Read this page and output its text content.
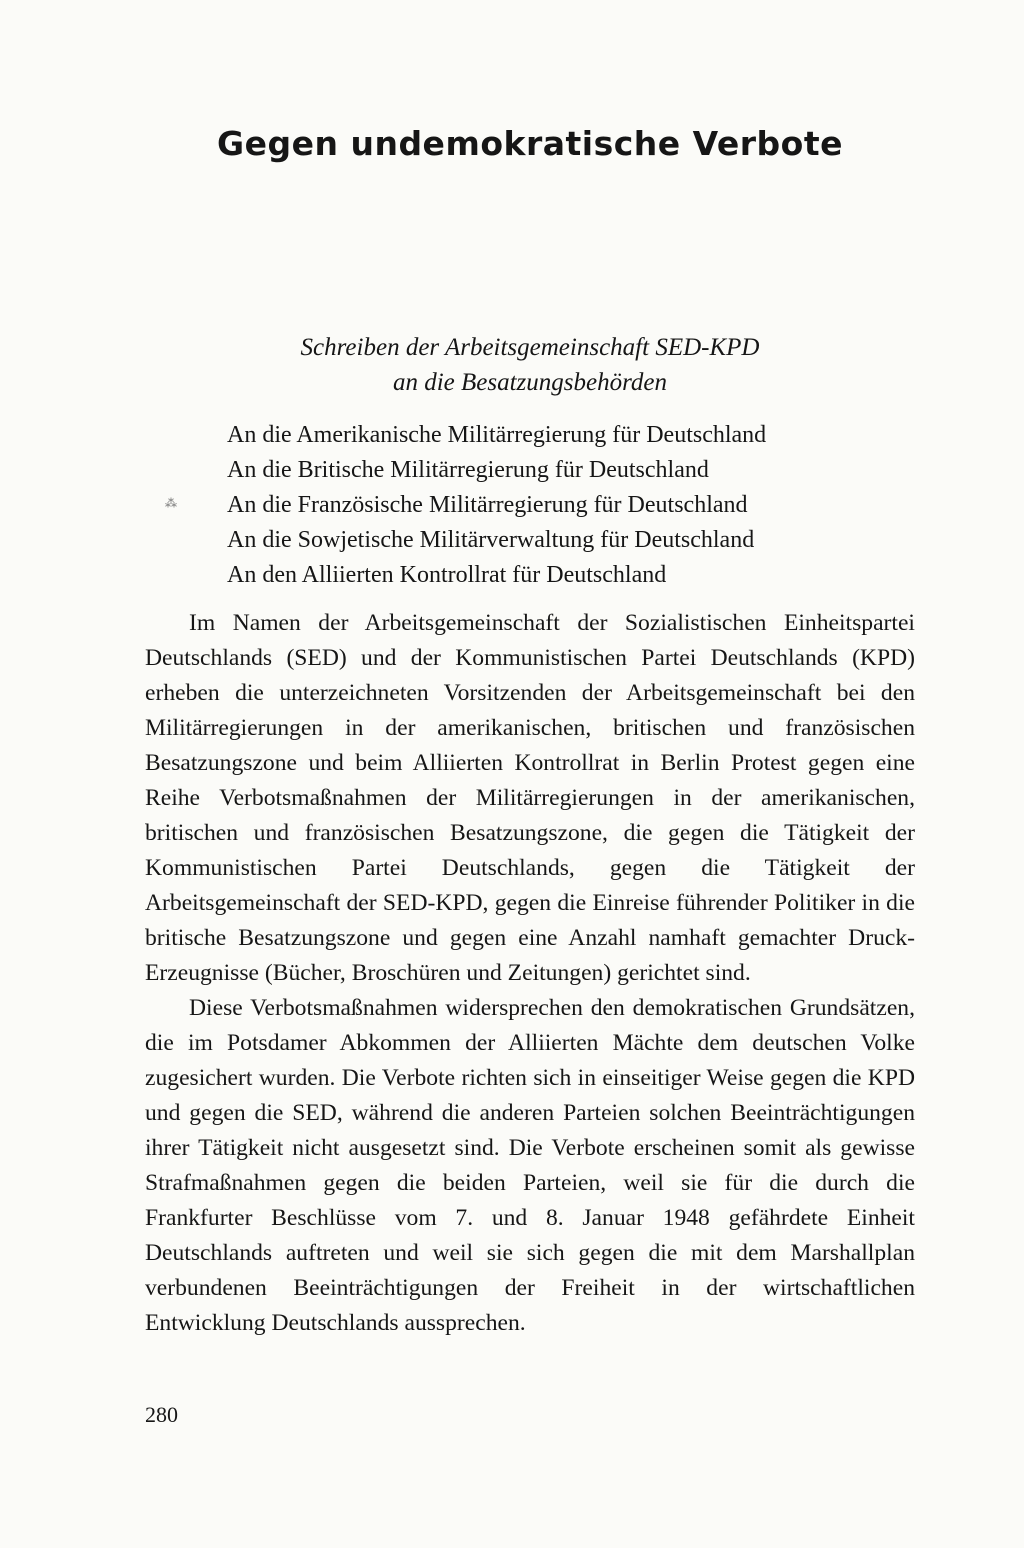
Gegen undemokratische Verbote
Schreiben der Arbeitsgemeinschaft SED-KPD
an die Besatzungsbehörden
⁂
An die Amerikanische Militärregierung für Deutschland
An die Britische Militärregierung für Deutschland
An die Französische Militärregierung für Deutschland
An die Sowjetische Militärverwaltung für Deutschland
An den Alliierten Kontrollrat für Deutschland

Im Namen der Arbeitsgemeinschaft der Sozialistischen Einheitspartei Deutschlands (SED) und der Kommunistischen Partei Deutschlands (KPD) erheben die unterzeichneten Vorsitzenden der Arbeitsgemeinschaft bei den Militärregierungen in der amerikanischen, britischen und französischen Besatzungszone und beim Alliierten Kontrollrat in Berlin Protest gegen eine Reihe Verbotsmaßnahmen der Militärregierungen in der amerikanischen, britischen und französischen Besatzungszone, die gegen die Tätigkeit der Kommunistischen Partei Deutschlands, gegen die Tätigkeit der Arbeitsgemeinschaft der SED-KPD, gegen die Einreise führender Politiker in die britische Besatzungszone und gegen eine Anzahl namhaft gemachter Druck-Erzeugnisse (Bücher, Broschüren und Zeitungen) gerichtet sind.

Diese Verbotsmaßnahmen widersprechen den demokratischen Grundsätzen, die im Potsdamer Abkommen der Alliierten Mächte dem deutschen Volke zugesichert wurden. Die Verbote richten sich in einseitiger Weise gegen die KPD und gegen die SED, während die anderen Parteien solchen Beeinträchtigungen ihrer Tätigkeit nicht ausgesetzt sind. Die Verbote erscheinen somit als gewisse Strafmaßnahmen gegen die beiden Parteien, weil sie für die durch die Frankfurter Beschlüsse vom 7. und 8. Januar 1948 gefährdete Einheit Deutschlands auftreten und weil sie sich gegen die mit dem Marshallplan verbundenen Beeinträchtigungen der Freiheit in der wirtschaftlichen Entwicklung Deutschlands aussprechen.

280
